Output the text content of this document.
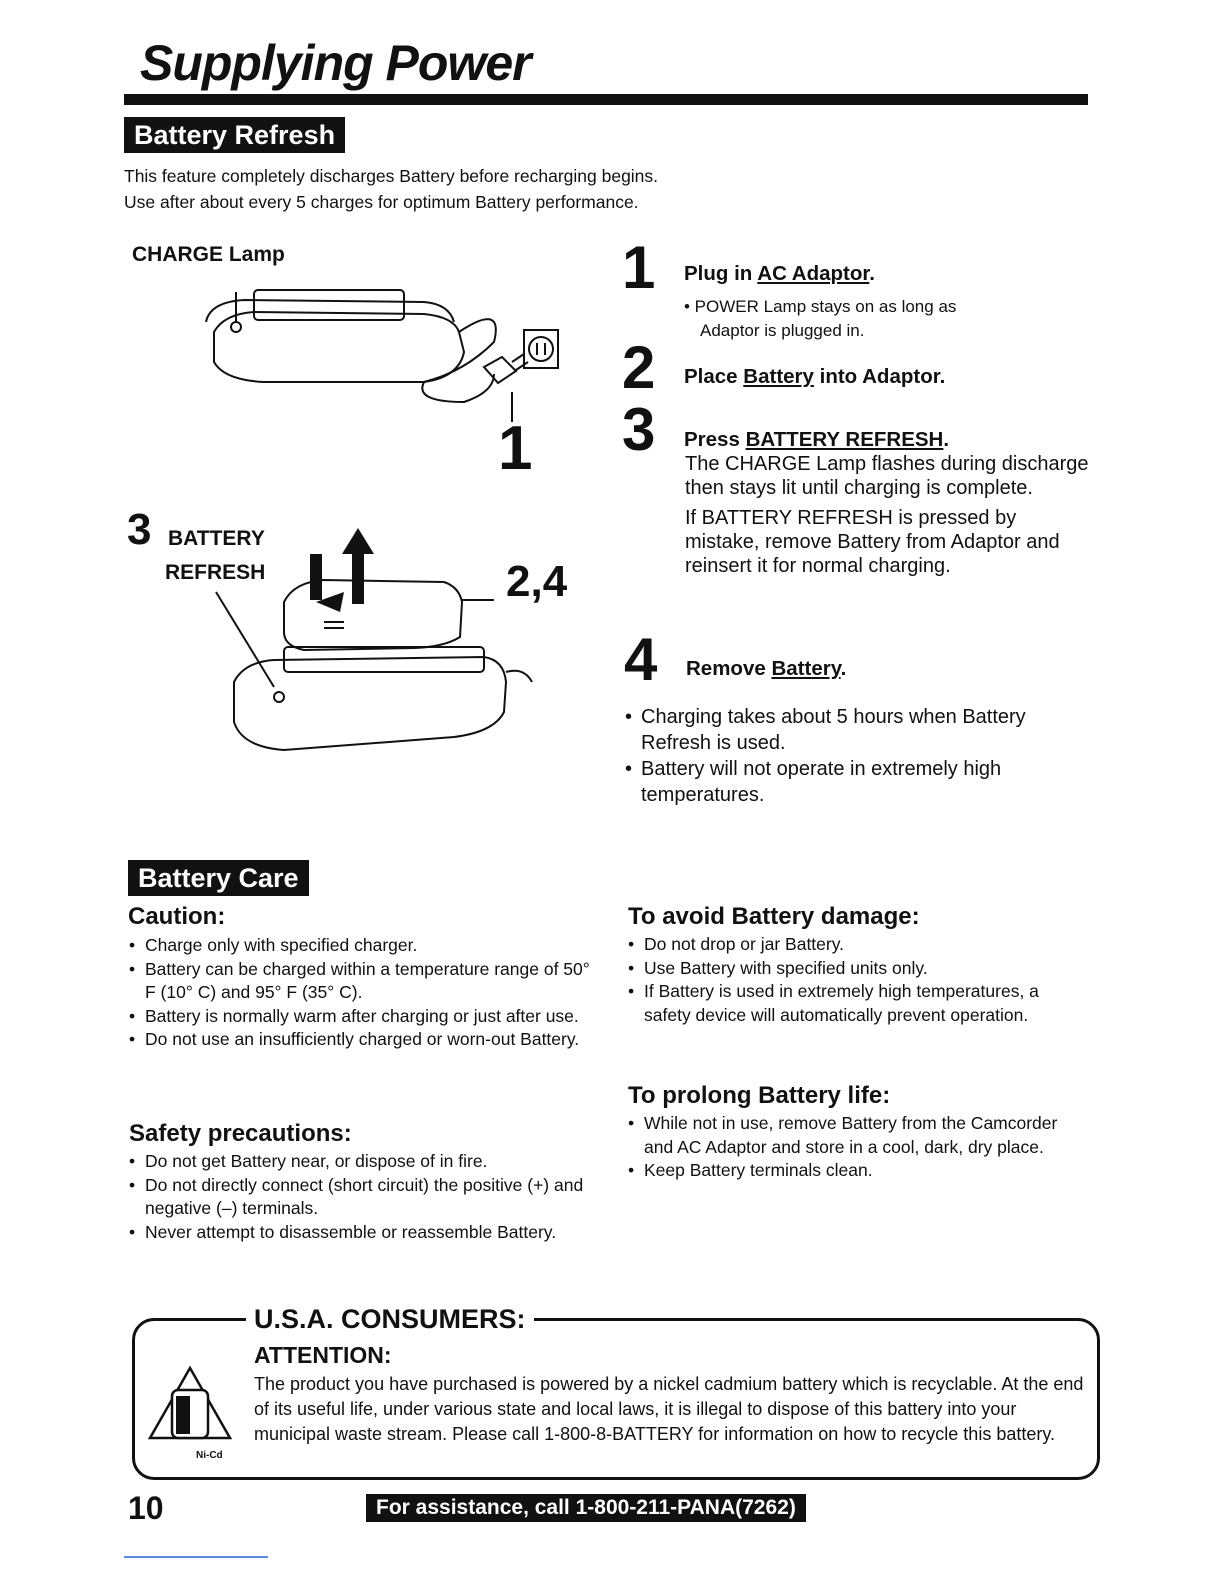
Supplying Power
Battery Refresh
This feature completely discharges Battery before recharging begins.
Use after about every 5 charges for optimum Battery performance.
CHARGE Lamp
1
3 BATTERY
REFRESH	2,4
1 Plug in AC Adaptor.
• POWER Lamp stays on as long as
Adaptor is plugged in.
2 Place Battery into Adaptor.
3 Press BATTERY REFRESH.
The CHARGE Lamp flashes during discharge then stays lit until charging is complete.
If BATTERY REFRESH is pressed by mistake, remove Battery from Adaptor and reinsert it for normal charging.
4 Remove Battery.
• Charging takes about 5 hours when Battery Refresh is used.
• Battery will not operate in extremely high temperatures.
Battery Care
Caution:
• Charge only with specified charger.
• Battery can be charged within a temperature range of 50° F (10° C) and 95° F (35° C).
• Battery is normally warm after charging or just after use.
• Do not use an insufficiently charged or worn-out Battery.
Safety precautions:
• Do not get Battery near, or dispose of in fire.
• Do not directly connect (short circuit) the positive (+) and negative (–) terminals.
• Never attempt to disassemble or reassemble Battery.
To avoid Battery damage:
• Do not drop or jar Battery.
• Use Battery with specified units only.
• If Battery is used in extremely high temperatures, a safety device will automatically prevent operation.
To prolong Battery life:
• While not in use, remove Battery from the Camcorder and AC Adaptor and store in a cool, dark, dry place.
• Keep Battery terminals clean.
U.S.A. CONSUMERS:
ATTENTION:
The product you have purchased is powered by a nickel cadmium battery which is recyclable. At the end of its useful life, under various state and local laws, it is illegal to dispose of this battery into your municipal waste stream. Please call 1-800-8-BATTERY for information on how to recycle this battery.
Ni-Cd
10	For assistance, call 1-800-211-PANA(7262)
